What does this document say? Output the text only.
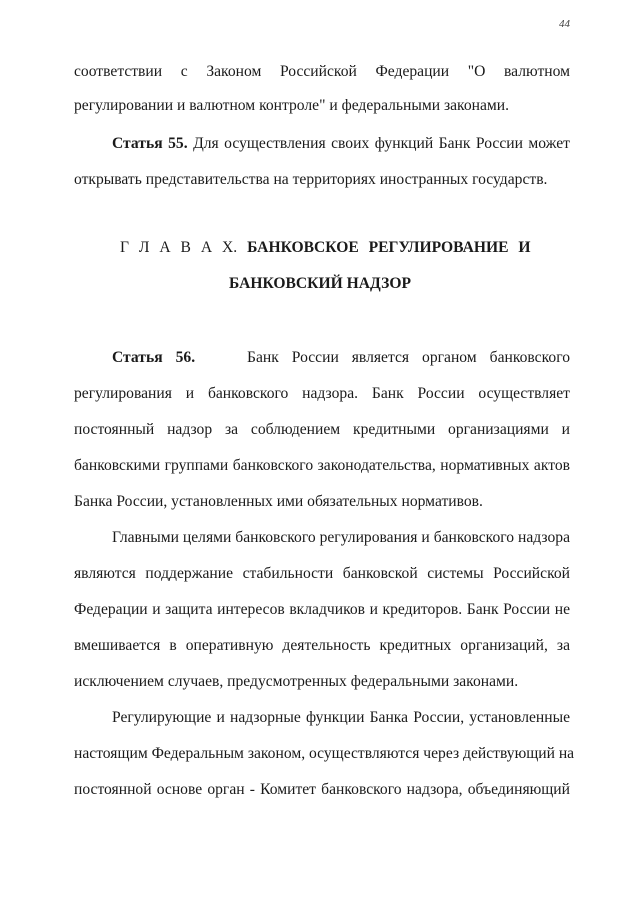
44
соответствии с Законом Российской Федерации "О валютном
регулировании и валютном контроле" и федеральными законами.
Статья 55. Для осуществления своих функций Банк России может
открывать представительства на территориях иностранных государств.
Г Л А В А X. БАНКОВСКОЕ РЕГУЛИРОВАНИЕ И
БАНКОВСКИЙ НАДЗОР
Статья 56.	Банк России является органом банковского
регулирования и банковского надзора. Банк России осуществляет
постоянный надзор за соблюдением кредитными организациями и
банковскими группами банковского законодательства, нормативных актов
Банка России, установленных ими обязательных нормативов.
Главными целями банковского регулирования и банковского надзора
являются поддержание стабильности банковской системы Российской
Федерации и защита интересов вкладчиков и кредиторов. Банк России не
вмешивается в оперативную деятельность кредитных организаций, за
исключением случаев, предусмотренных федеральными законами.
Регулирующие и надзорные функции Банка России, установленные
настоящим Федеральным законом, осуществляются через действующий на
постоянной основе орган - Комитет банковского надзора, объединяющий
